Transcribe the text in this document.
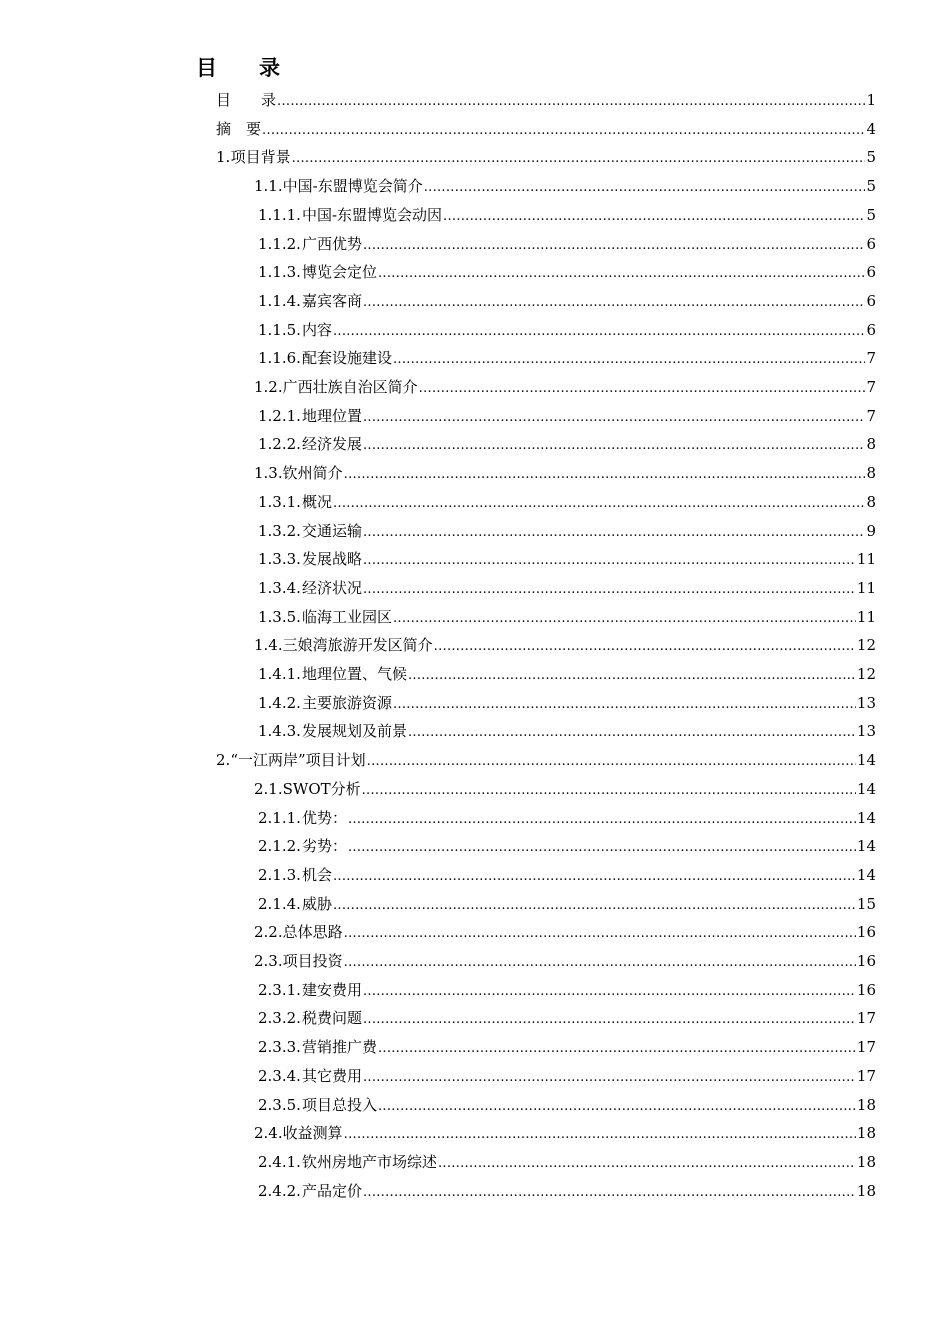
目　　录
目　　录 .....	1
摘　要 .....	4
1. 项目背景 .....	5
1.1. 中国-东盟博览会简介 .....	5
1.1.1. 中国-东盟博览会动因 .....	5
1.1.2. 广西优势 .....	6
1.1.3. 博览会定位 .....	6
1.1.4. 嘉宾客商 .....	6
1.1.5. 内容 .....	6
1.1.6. 配套设施建设 .....	7
1.2. 广西壮族自治区简介 .....	7
1.2.1. 地理位置 .....	7
1.2.2. 经济发展 .....	8
1.3. 钦州简介 .....	8
1.3.1. 概况 .....	8
1.3.2. 交通运输 .....	9
1.3.3. 发展战略 .....	11
1.3.4. 经济状况 .....	11
1.3.5. 临海工业园区 .....	11
1.4. 三娘湾旅游开发区简介 .....	12
1.4.1. 地理位置、气候 .....	12
1.4.2. 主要旅游资源 .....	13
1.4.3. 发展规划及前景 .....	13
2. “一江两岸”项目计划 .....	14
2.1. SWOT分析 .....	14
2.1.1. 优势： .....	14
2.1.2. 劣势： .....	14
2.1.3. 机会 .....	14
2.1.4. 威胁 .....	15
2.2. 总体思路 .....	16
2.3. 项目投资 .....	16
2.3.1. 建安费用 .....	16
2.3.2. 税费问题 .....	17
2.3.3. 营销推广费 .....	17
2.3.4. 其它费用 .....	17
2.3.5. 项目总投入 .....	18
2.4. 收益测算 .....	18
2.4.1. 钦州房地产市场综述 .....	18
2.4.2. 产品定价 .....	18
